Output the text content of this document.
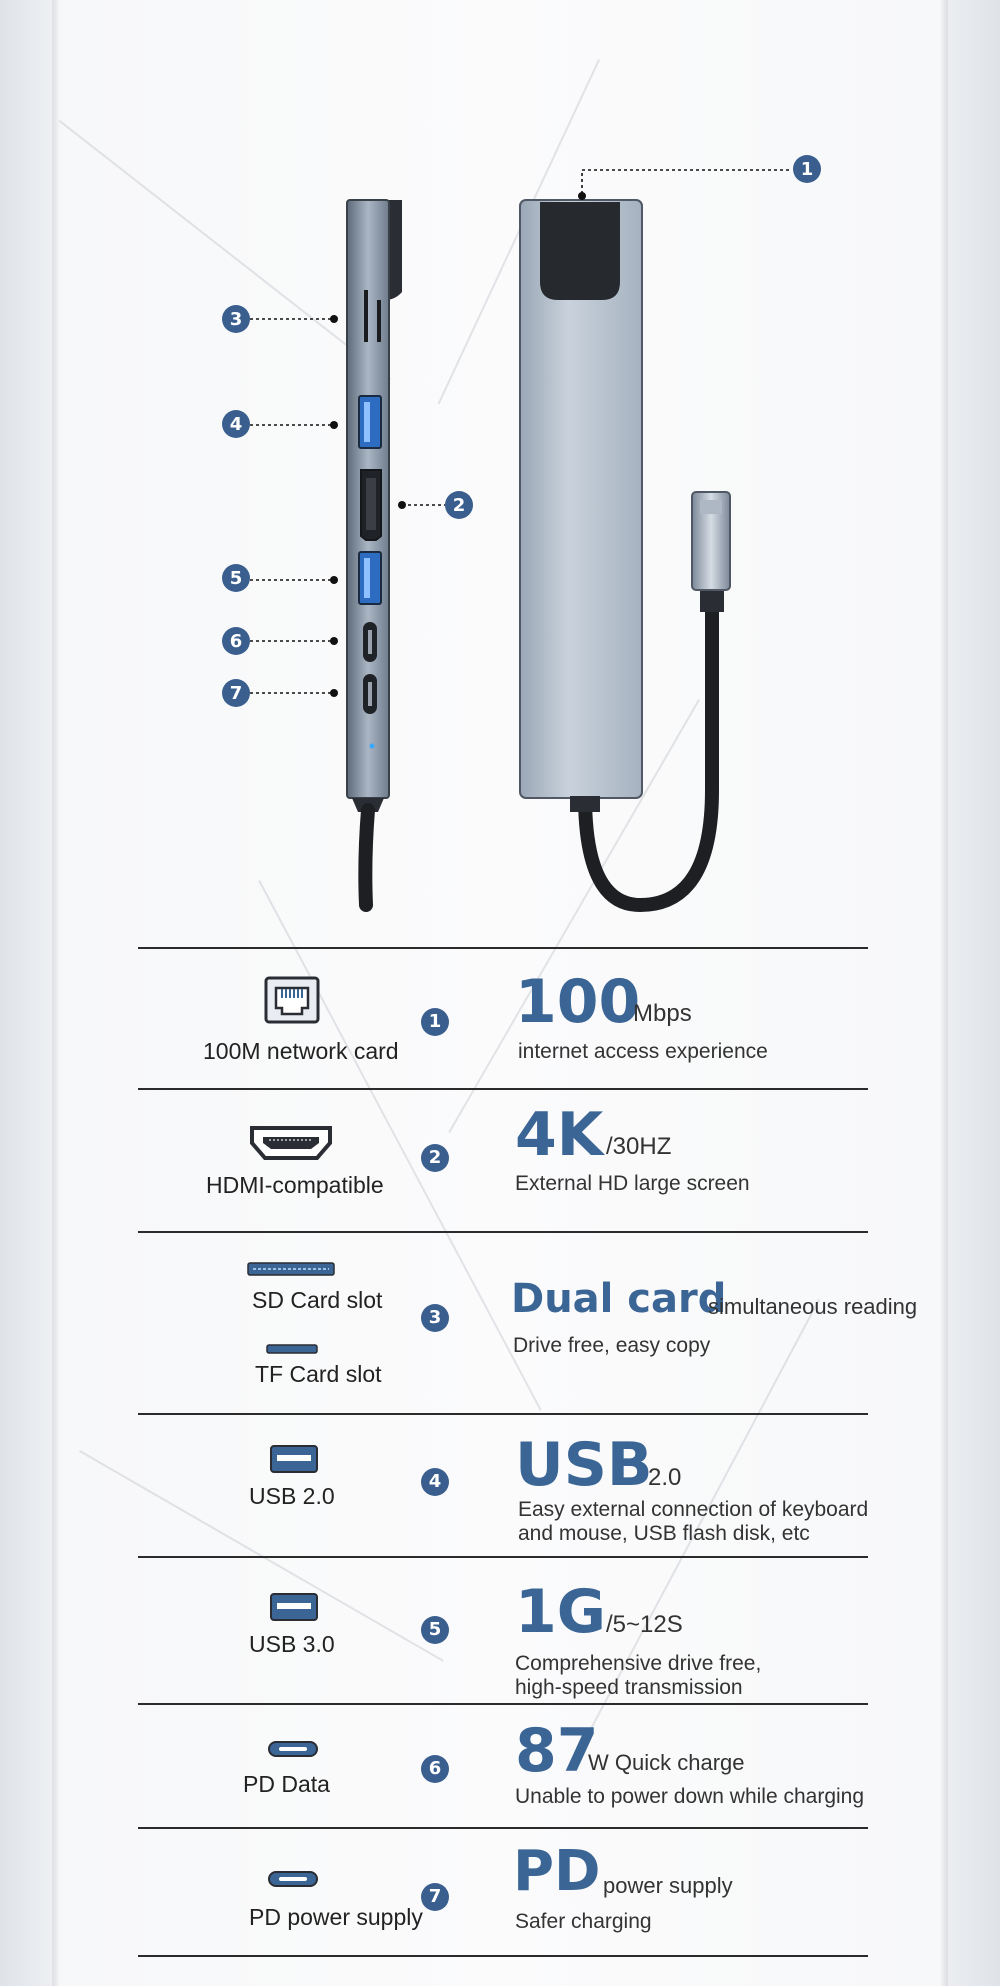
1
2
3
4
5
6
7
100M network card
1 100
Mbps
internet access experience
HDMI-compatible
2 4K /30HZ
External HD large screen
SD Card slot
TF Card slot
3 Dual card
simultaneous reading
Drive free, easy copy
USB 2.0
4 USB
2.0
Easy external connection of keyboard
and mouse, USB flash disk, etc
USB 3.0
5 1G /5~12S
Comprehensive drive free,
high-speed transmission
PD Data
6 87
W Quick charge
Unable to power down while charging
PD power supply
7 PD power supply
Safer charging
